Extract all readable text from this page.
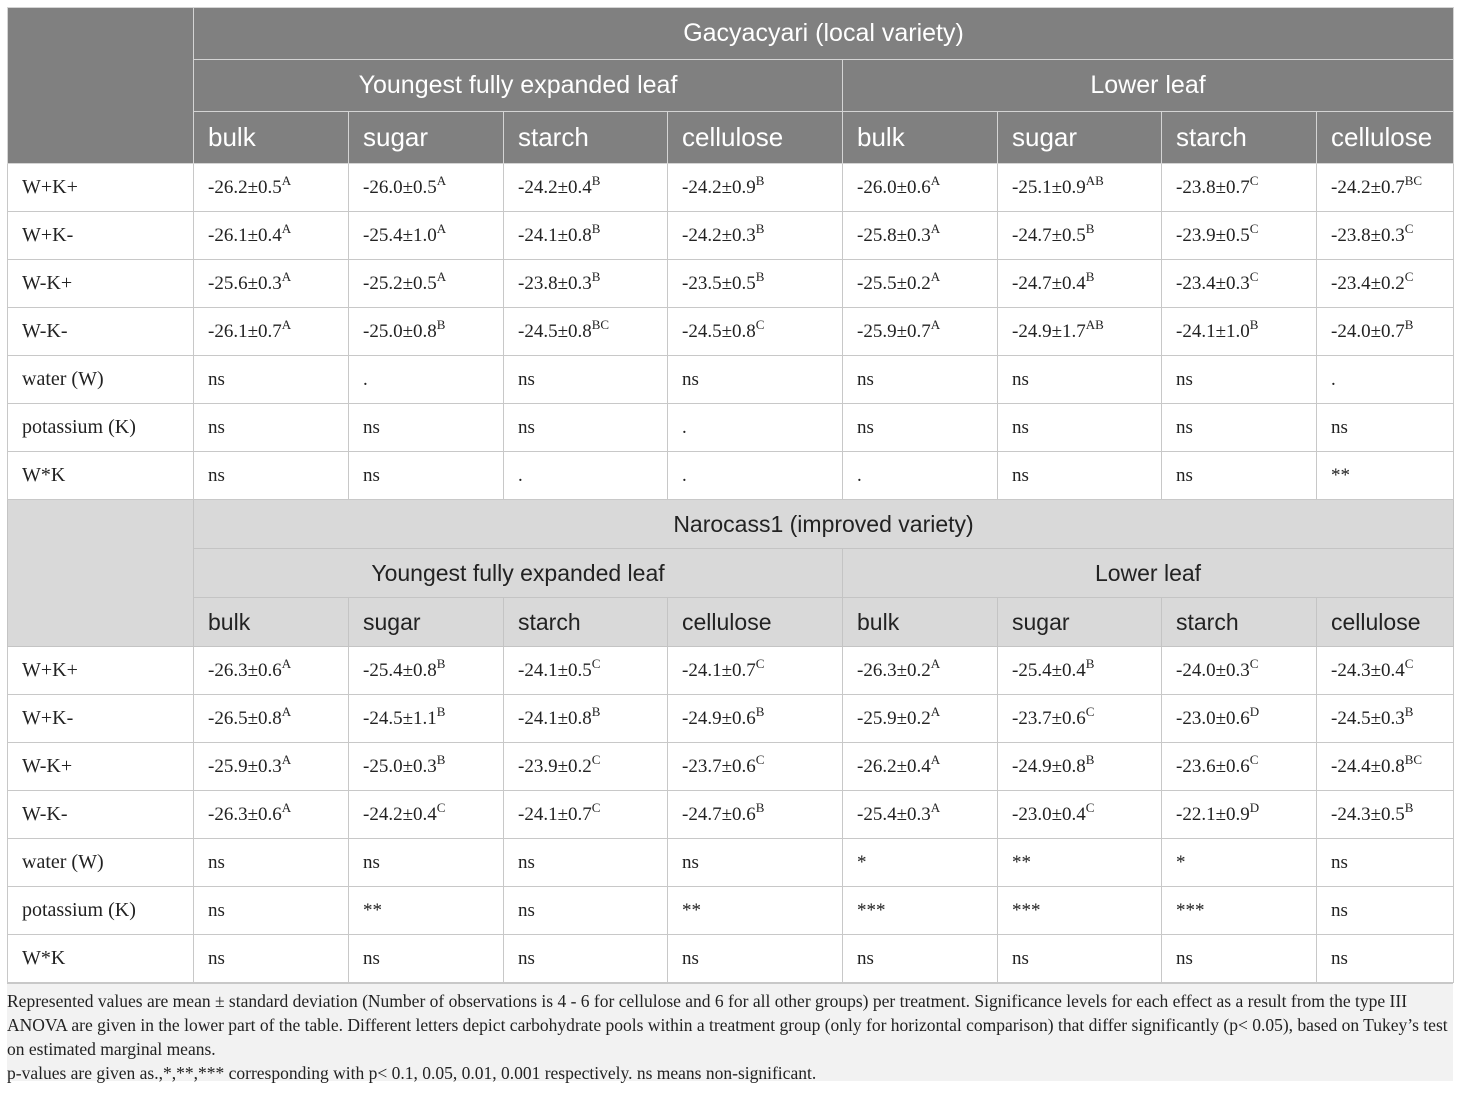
	Gacyacyari (local variety)							
	Youngest fully expanded leaf				Lower leaf			
	bulk	sugar	starch	cellulose	bulk	sugar	starch	cellulose
W+K+	$-26.2\pm 0.5^A$	$-26.0\pm 0.5^A$	$-24.2\pm 0.4^B$	$-24.2\pm 0.9^B$	$-26.0\pm 0.6^A$	$-25.1\pm 0.9^{AB}$	$-23.8\pm 0.7^C$	$-24.2\pm 0.7^{BC}$
W+K-	$-26.1\pm 0.4^A$	$-25.4\pm 1.0^A$	$-24.1\pm 0.8^B$	$-24.2\pm 0.3^B$	$-25.8\pm 0.3^A$	$-24.7\pm 0.5^B$	$-23.9\pm 0.5^C$	$-23.8\pm 0.3^C$
W-K+	$-25.6\pm 0.3^A$	$-25.2\pm 0.5^A$	$-23.8\pm 0.3^B$	$-23.5\pm 0.5^B$	$-25.5\pm 0.2^A$	$-24.7\pm 0.4^B$	$-23.4\pm 0.3^C$	$-23.4\pm 0.2^C$
W-K-	$-26.1\pm 0.7^A$	$-25.0\pm 0.8^B$	$-24.5\pm 0.8^{BC}$	$-24.5\pm 0.8^C$	$-25.9\pm 0.7^A$	$-24.9\pm 1.7^{AB}$	$-24.1\pm 1.0^B$	$-24.0\pm 0.7^B$
water (W)	ns	.	ns	ns	ns	ns	ns	.
potassium (K)	ns	ns	ns	.	ns	ns	ns	ns
W*K	ns	ns	.	.	.	ns	ns	**
	Narocass1 (improved variety)							
	Youngest fully expanded leaf				Lower leaf			
	bulk	sugar	starch	cellulose	bulk	sugar	starch	cellulose
W+K+	$-26.3\pm 0.6^A$	$-25.4\pm 0.8^B$	$-24.1\pm 0.5^C$	$-24.1\pm 0.7^C$	$-26.3\pm 0.2^A$	$-25.4\pm 0.4^B$	$-24.0\pm 0.3^C$	$-24.3\pm 0.4^C$
W+K-	$-26.5\pm 0.8^A$	$-24.5\pm 1.1^B$	$-24.1\pm 0.8^B$	$-24.9\pm 0.6^B$	$-25.9\pm 0.2^A$	$-23.7\pm 0.6^C$	$-23.0\pm 0.6^D$	$-24.5\pm 0.3^B$
W-K+	$-25.9\pm 0.3^A$	$-25.0\pm 0.3^B$	$-23.9\pm 0.2^C$	$-23.7\pm 0.6^C$	$-26.2\pm 0.4^A$	$-24.9\pm 0.8^B$	$-23.6\pm 0.6^C$	$-24.4\pm 0.8^{BC}$
W-K-	$-26.3\pm 0.6^A$	$-24.2\pm 0.4^C$	$-24.1\pm 0.7^C$	$-24.7\pm 0.6^B$	$-25.4\pm 0.3^A$	$-23.0\pm 0.4^C$	$-22.1\pm 0.9^D$	$-24.3\pm 0.5^B$
water (W)	ns	ns	ns	ns	*	**	*	ns
potassium (K)	ns	**	ns	**	***	***	***	ns
W*K	ns	ns	ns	ns	ns	ns	ns	ns

Represented values are mean ± standard deviation (Number of observations is 4 - 6 for cellulose and 6 for all other groups) per treatment. Significance levels for each effect as a result from the type III ANOVA are given in the lower part of the table. Different letters depict carbohydrate pools within a treatment group (only for horizontal comparison) that differ significantly (p< 0.05), based on Tukey’s test on estimated marginal means.

p-values are given as.,*,**,*** corresponding with p< 0.1, 0.05, 0.01, 0.001 respectively. ns means non-significant.
